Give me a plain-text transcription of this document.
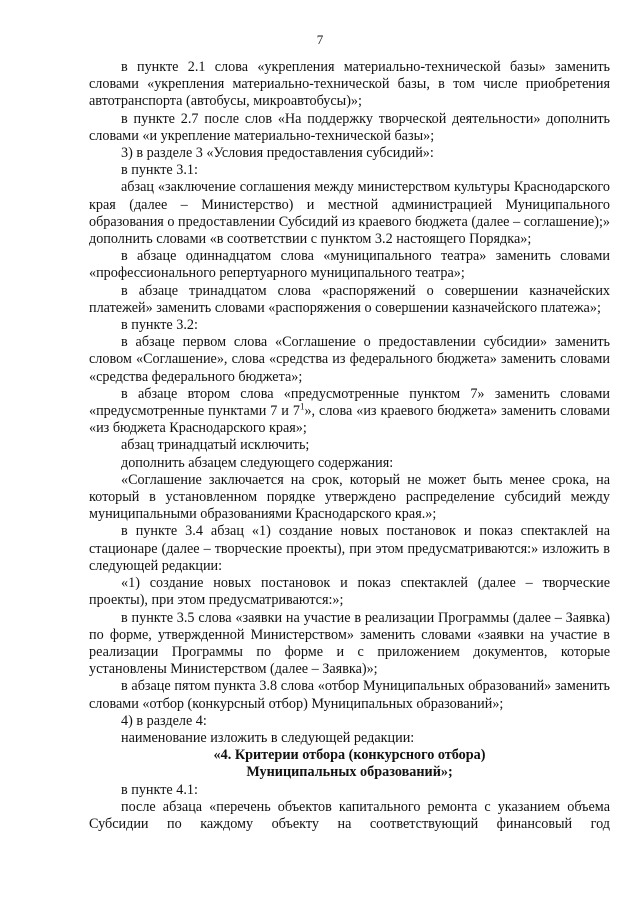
7

в пункте 2.1 слова «укрепления материально-технической базы» заменить словами «укрепления материально-технической базы, в том числе приобретения автотранспорта (автобусы, микроавтобусы)»;

в пункте 2.7 после слов «На поддержку творческой деятельности» дополнить словами «и укрепление материально-технической базы»;

3) в разделе 3 «Условия предоставления субсидий»:

в пункте 3.1:

абзац «заключение соглашения между министерством культуры Краснодарского края (далее – Министерство) и местной администрацией Муниципального образования о предоставлении Субсидий из краевого бюджета (далее – соглашение);» дополнить словами «в соответствии с пунктом 3.2 настоящего Порядка»;

в абзаце одиннадцатом слова «муниципального театра» заменить словами «профессионального репертуарного муниципального театра»;

в абзаце тринадцатом слова «распоряжений о совершении казначейских платежей» заменить словами «распоряжения о совершении казначейского платежа»;

в пункте 3.2:

в абзаце первом слова «Соглашение о предоставлении субсидии» заменить словом «Соглашение», слова «средства из федерального бюджета» заменить словами «средства федерального бюджета»;

в абзаце втором слова «предусмотренные пунктом 7» заменить словами «предусмотренные пунктами 7 и $7^1$», слова «из краевого бюджета» заменить словами «из бюджета Краснодарского края»;

абзац тринадцатый исключить;

дополнить абзацем следующего содержания:

«Соглашение заключается на срок, который не может быть менее срока, на который в установленном порядке утверждено распределение субсидий между муниципальными образованиями Краснодарского края.»;

в пункте 3.4 абзац «1) создание новых постановок и показ спектаклей на стационаре (далее – творческие проекты), при этом предусматриваются:» изложить в следующей редакции:

«1) создание новых постановок и показ спектаклей (далее – творческие проекты), при этом предусматриваются:»;

в пункте 3.5 слова «заявки на участие в реализации Программы (далее – Заявка) по форме, утвержденной Министерством» заменить словами «заявки на участие в реализации Программы по форме и с приложением документов, которые установлены Министерством (далее – Заявка)»;

в абзаце пятом пункта 3.8 слова «отбор Муниципальных образований» заменить словами «отбор (конкурсный отбор) Муниципальных образований»;

4) в разделе 4:

наименование изложить в следующей редакции:

«4. Критерии отбора (конкурсного отбора)

Муниципальных образований»;

в пункте 4.1:

после абзаца «перечень объектов капитального ремонта с указанием объема Субсидии по каждому объекту на соответствующий финансовый год
